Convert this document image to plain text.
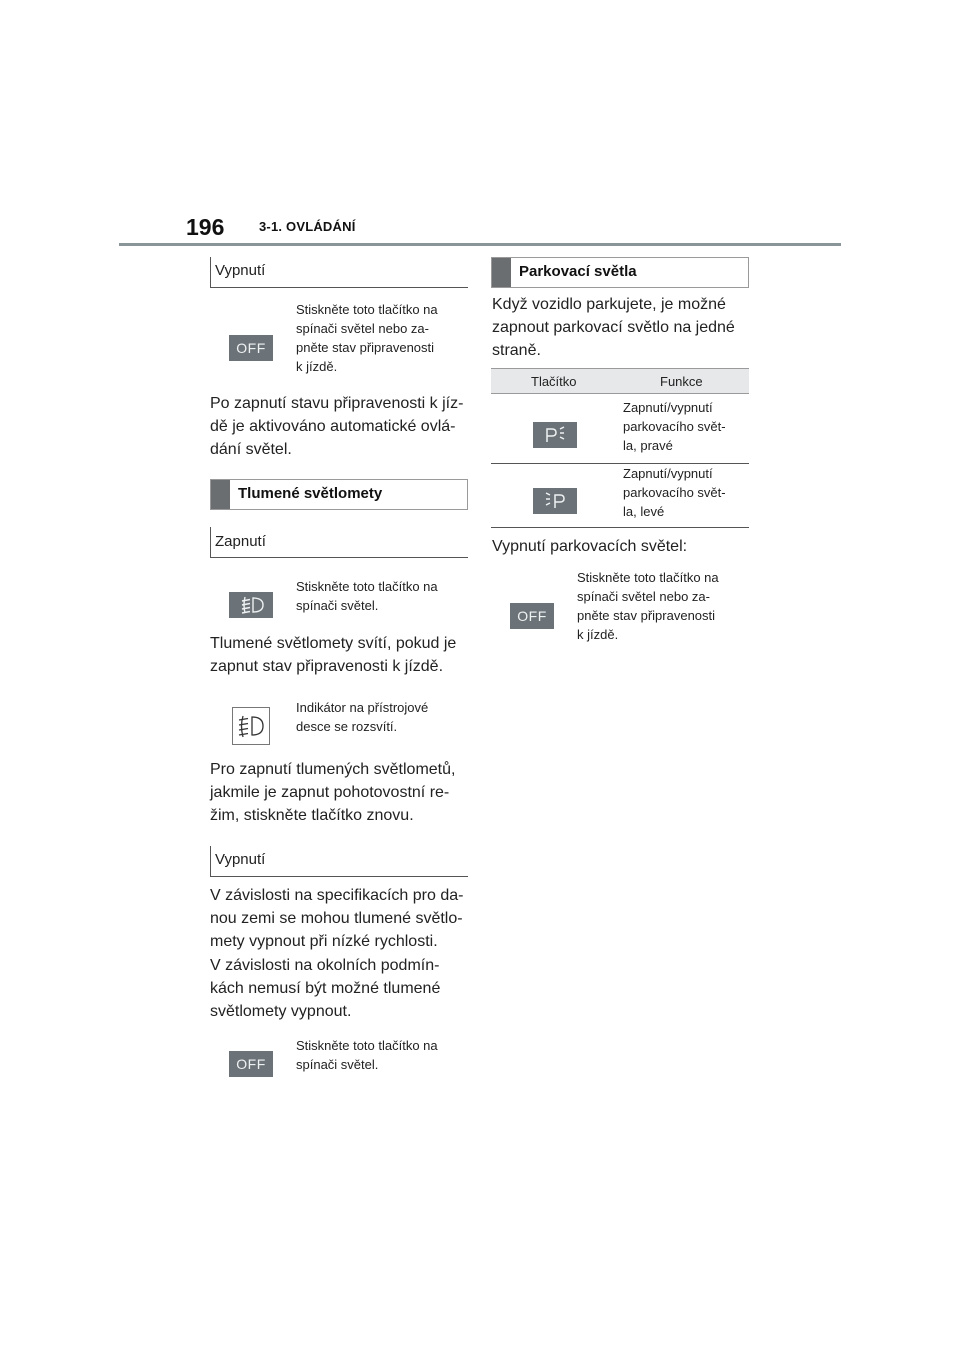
196	3-1. OVLÁDÁNÍ
Vypnutí
OFF
Stiskněte toto tlačítko na
spínači světel nebo za-
pněte stav připravenosti
k jízdě.
Po zapnutí stavu připravenosti k jíz-
dě je aktivováno automatické ovlá-
dání světel.
Tlumené světlomety
Zapnutí
Stiskněte toto tlačítko na
spínači světel.
Tlumené světlomety svítí, pokud je
zapnut stav připravenosti k jízdě.
Indikátor na přístrojové
desce se rozsvítí.
Pro zapnutí tlumených světlometů,
jakmile je zapnut pohotovostní re-
žim, stiskněte tlačítko znovu.
Vypnutí
V závislosti na specifikacích pro da-
nou zemi se mohou tlumené světlo-
mety vypnout při nízké rychlosti.
V závislosti na okolních podmín-
kách nemusí být možné tlumené
světlomety vypnout.
OFF
Stiskněte toto tlačítko na
spínači světel.
Parkovací světla
Když vozidlo parkujete, je možné
zapnout parkovací světlo na jedné
straně.
Tlačítko	Funkce
Zapnutí/vypnutí
parkovacího svět-
la, pravé
Zapnutí/vypnutí
parkovacího svět-
la, levé
Vypnutí parkovacích světel:
OFF
Stiskněte toto tlačítko na
spínači světel nebo za-
pněte stav připravenosti
k jízdě.
